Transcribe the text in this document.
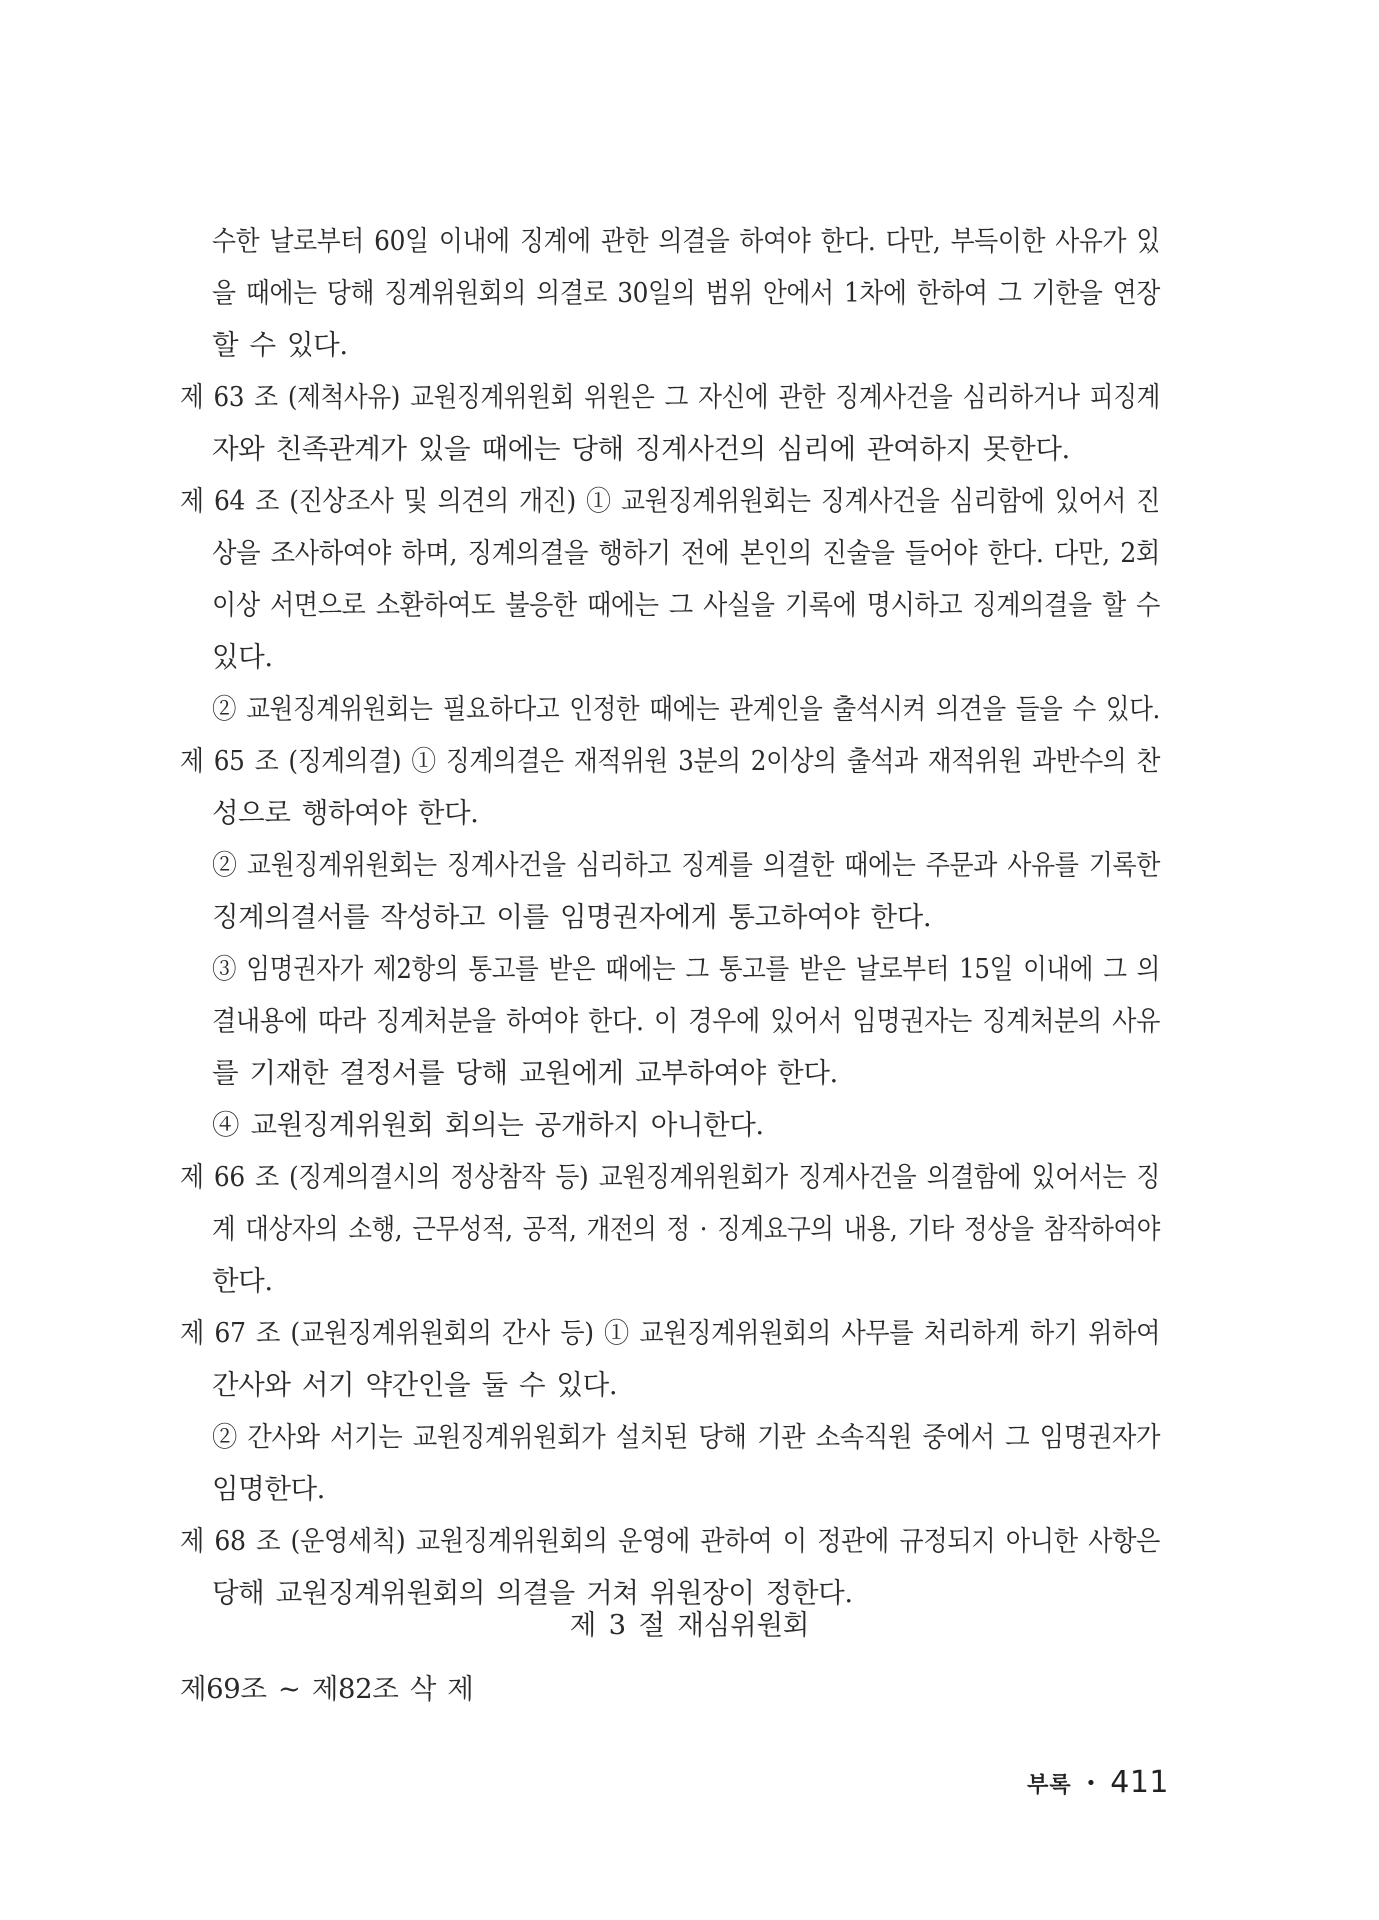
수한 날로부터 60일 이내에 징계에 관한 의결을 하여야 한다. 다만, 부득이한 사유가 있
을 때에는 당해 징계위원회의 의결로 30일의 범위 안에서 1차에 한하여 그 기한을 연장
할 수 있다.
제 63 조 (제척사유) 교원징계위원회 위원은 그 자신에 관한 징계사건을 심리하거나 피징계
자와 친족관계가 있을 때에는 당해 징계사건의 심리에 관여하지 못한다.
제 64 조 (진상조사 및 의견의 개진) ① 교원징계위원회는 징계사건을 심리함에 있어서 진
상을 조사하여야 하며, 징계의결을 행하기 전에 본인의 진술을 들어야 한다. 다만, 2회
이상 서면으로 소환하여도 불응한 때에는 그 사실을 기록에 명시하고 징계의결을 할 수
있다.
② 교원징계위원회는 필요하다고 인정한 때에는 관계인을 출석시켜 의견을 들을 수 있다.
제 65 조 (징계의결) ① 징계의결은 재적위원 3분의 2이상의 출석과 재적위원 과반수의 찬
성으로 행하여야 한다.
② 교원징계위원회는 징계사건을 심리하고 징계를 의결한 때에는 주문과 사유를 기록한
징계의결서를 작성하고 이를 임명권자에게 통고하여야 한다.
③ 임명권자가 제2항의 통고를 받은 때에는 그 통고를 받은 날로부터 15일 이내에 그 의
결내용에 따라 징계처분을 하여야 한다. 이 경우에 있어서 임명권자는 징계처분의 사유
를 기재한 결정서를 당해 교원에게 교부하여야 한다.
④ 교원징계위원회 회의는 공개하지 아니한다.
제 66 조 (징계의결시의 정상참작 등) 교원징계위원회가 징계사건을 의결함에 있어서는 징
계 대상자의 소행, 근무성적, 공적, 개전의 정 · 징계요구의 내용, 기타 정상을 참작하여야
한다.
제 67 조 (교원징계위원회의 간사 등) ① 교원징계위원회의 사무를 처리하게 하기 위하여
간사와 서기 약간인을 둘 수 있다.
② 간사와 서기는 교원징계위원회가 설치된 당해 기관 소속직원 중에서 그 임명권자가
임명한다.
제 68 조 (운영세칙) 교원징계위원회의 운영에 관하여 이 정관에 규정되지 아니한 사항은
당해 교원징계위원회의 의결을 거쳐 위원장이 정한다.
제 3 절 재심위원회
제69조 ~ 제82조 삭 제
부록 • 411
